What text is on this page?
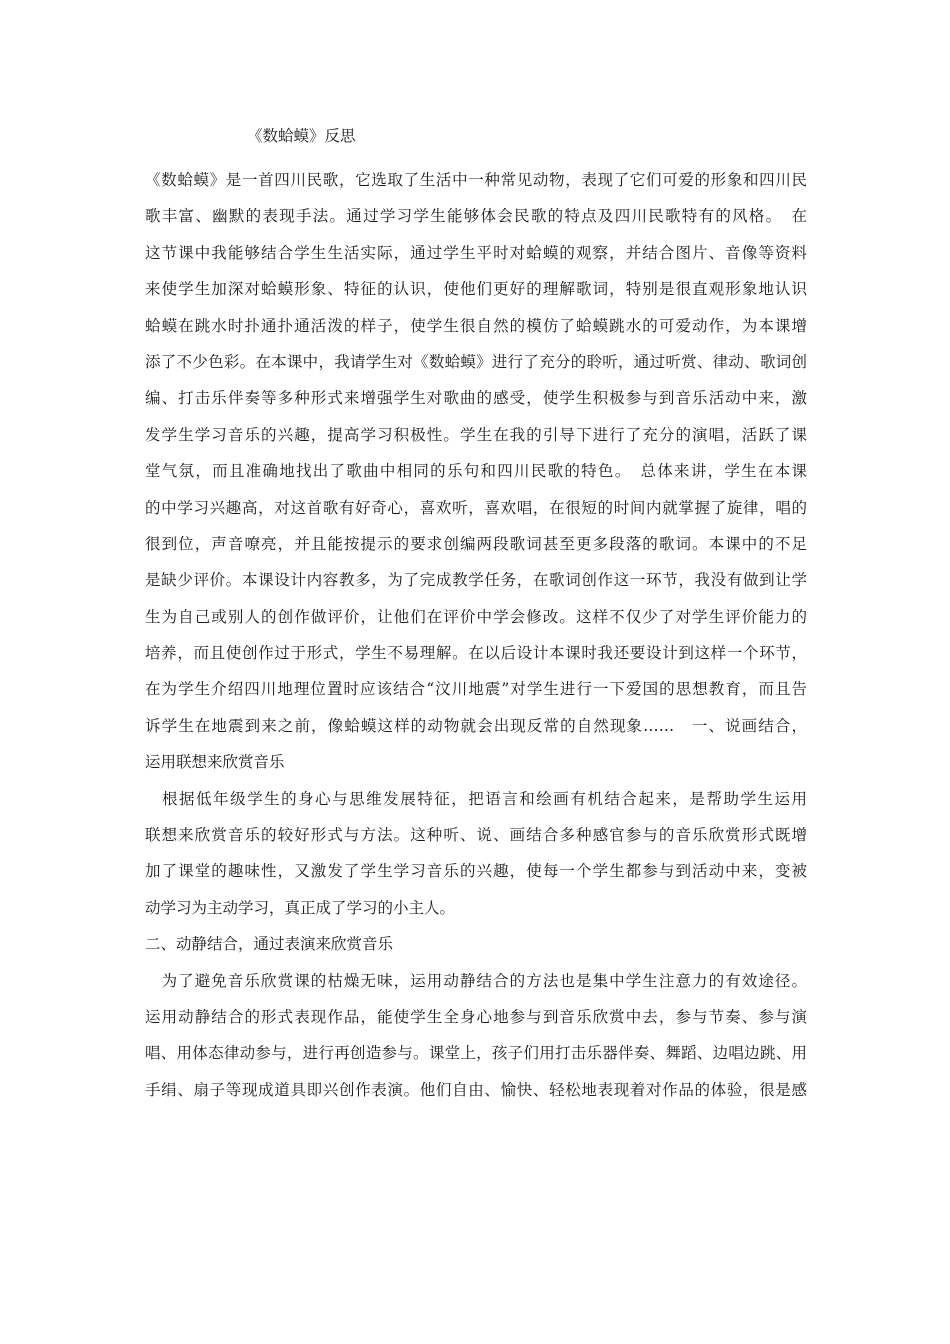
《数蛤蟆》反思
《数蛤蟆》是一首四川民歌，它选取了生活中一种常见动物，表现了它们可爱的形象和四川民
歌丰富、幽默的表现手法。通过学习学生能够体会民歌的特点及四川民歌特有的风格。　在
这节课中我能够结合学生生活实际，通过学生平时对蛤蟆的观察，并结合图片、音像等资料
来使学生加深对蛤蟆形象、特征的认识，使他们更好的理解歌词，特别是很直观形象地认识
蛤蟆在跳水时扑通扑通活泼的样子，使学生很自然的模仿了蛤蟆跳水的可爱动作，为本课增
添了不少色彩。在本课中，我请学生对《数蛤蟆》进行了充分的聆听，通过听赏、律动、歌词创
编、打击乐伴奏等多种形式来增强学生对歌曲的感受，使学生积极参与到音乐活动中来，激
发学生学习音乐的兴趣，提高学习积极性。学生在我的引导下进行了充分的演唱，活跃了课
堂气氛，而且准确地找出了歌曲中相同的乐句和四川民歌的特色。　总体来讲，学生在本课
的中学习兴趣高，对这首歌有好奇心，喜欢听，喜欢唱，在很短的时间内就掌握了旋律，唱的
很到位，声音嘹亮，并且能按提示的要求创编两段歌词甚至更多段落的歌词。本课中的不足
是缺少评价。本课设计内容教多，为了完成教学任务，在歌词创作这一环节，我没有做到让学
生为自己或别人的创作做评价，让他们在评价中学会修改。这样不仅少了对学生评价能力的
培养，而且使创作过于形式，学生不易理解。在以后设计本课时我还要设计到这样一个环节，
在为学生介绍四川地理位置时应该结合“汶川地震”对学生进行一下爱国的思想教育，而且告
诉学生在地震到来之前，像蛤蟆这样的动物就会出现反常的自然现象……　一、说画结合，
运用联想来欣赏音乐
　根据低年级学生的身心与思维发展特征，把语言和绘画有机结合起来，是帮助学生运用
联想来欣赏音乐的较好形式与方法。这种听、说、画结合多种感官参与的音乐欣赏形式既增
加了课堂的趣味性，又激发了学生学习音乐的兴趣，使每一个学生都参与到活动中来，变被
动学习为主动学习，真正成了学习的小主人。
二、动静结合，通过表演来欣赏音乐
　为了避免音乐欣赏课的枯燥无味，运用动静结合的方法也是集中学生注意力的有效途径。
运用动静结合的形式表现作品，能使学生全身心地参与到音乐欣赏中去，参与节奏、参与演
唱、用体态律动参与，进行再创造参与。课堂上，孩子们用打击乐器伴奏、舞蹈、边唱边跳、用
手绢、扇子等现成道具即兴创作表演。他们自由、愉快、轻松地表现着对作品的体验，很是感
